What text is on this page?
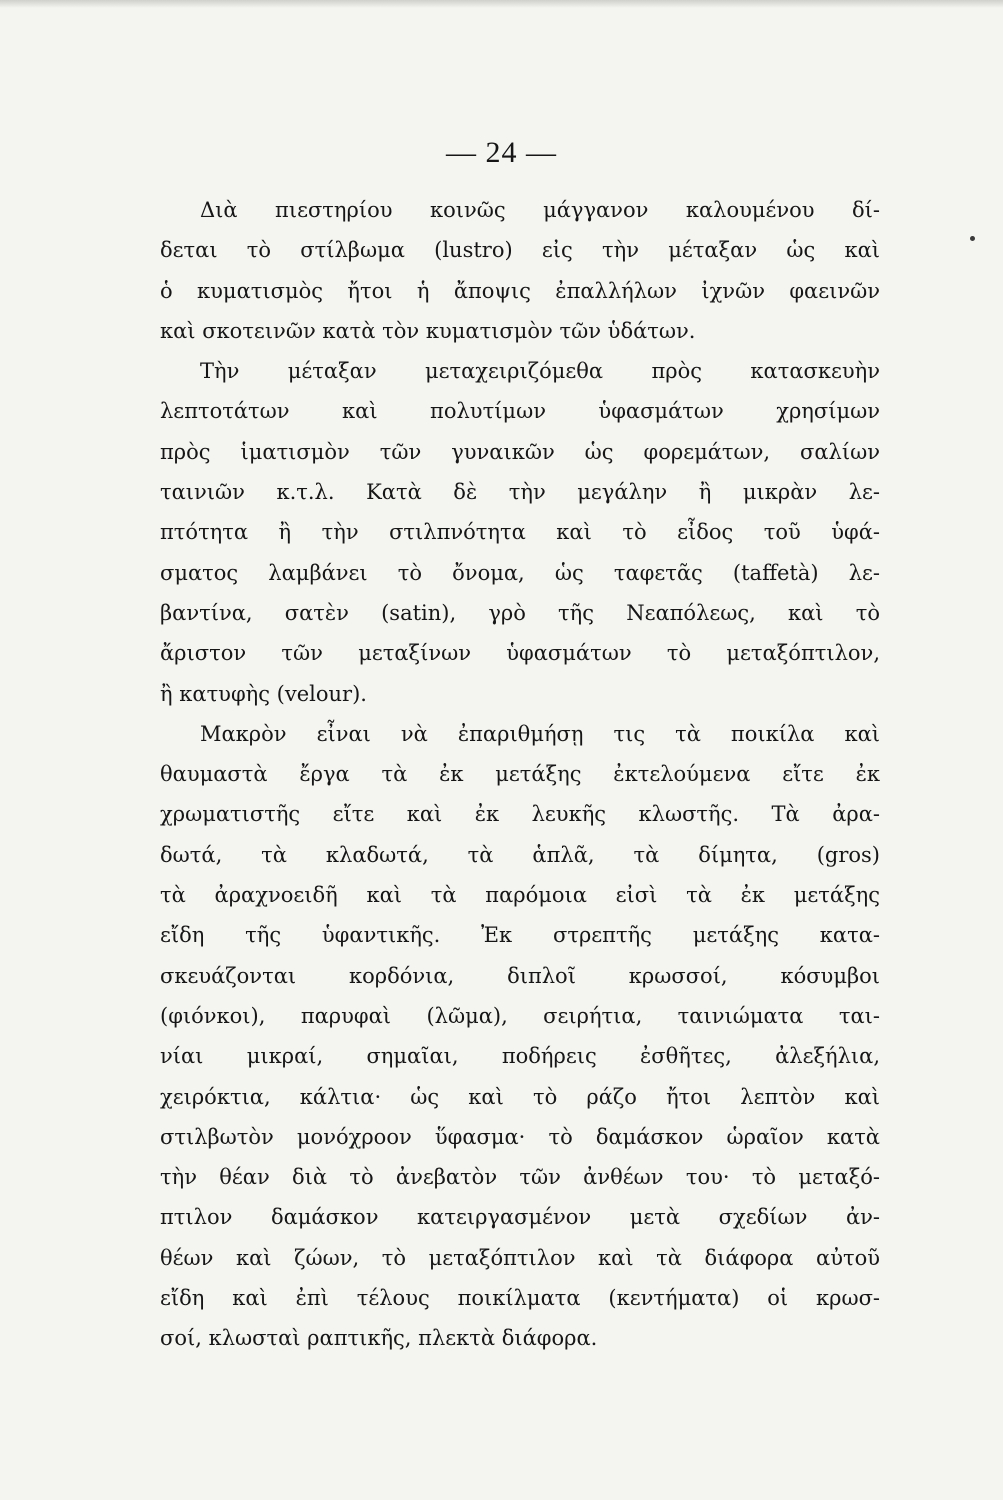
— 24 —
Διὰ πιεστηρίου κοινῶς μάγγανον καλουμένου δί-
δεται τὸ στίλβωμα (lustro) εἰς τὴν μέταξαν ὡς καὶ
ὁ κυματισμὸς ἤτοι ἡ ἄποψις ἐπαλλήλων ἰχνῶν φαεινῶν
καὶ σκοτεινῶν κατὰ τὸν κυματισμὸν τῶν ὑδάτων.
Τὴν μέταξαν μεταχειριζόμεθα πρὸς κατασκευὴν
λεπτοτάτων καὶ πολυτίμων ὑφασμάτων χρησίμων
πρὸς ἱματισμὸν τῶν γυναικῶν ὡς φορεμάτων, σαλίων
ταινιῶν κ.τ.λ. Κατὰ δὲ τὴν μεγάλην ἢ μικρὰν λε-
πτότητα ἢ τὴν στιλπνότητα καὶ τὸ εἶδος τοῦ ὑφά-
σματος λαμβάνει τὸ ὄνομα, ὡς ταφετᾶς (taffetà) λε-
βαντίνα, σατὲν (satin), γρὸ τῆς Νεαπόλεως, καὶ τὸ
ἄριστον τῶν μεταξίνων ὑφασμάτων τὸ μεταξόπτιλον,
ἢ κατυφὴς (velour).
Μακρὸν εἶναι νὰ ἐπαριθμήσῃ τις τὰ ποικίλα καὶ
θαυμαστὰ ἔργα τὰ ἐκ μετάξης ἐκτελούμενα εἴτε ἐκ
χρωματιστῆς εἴτε καὶ ἐκ λευκῆς κλωστῆς. Τὰ ἀρα-
δωτά, τὰ κλαδωτά, τὰ ἁπλᾶ, τὰ δίμητα, (gros)
τὰ ἀραχνοειδῆ καὶ τὰ παρόμοια εἰσὶ τὰ ἐκ μετάξης
εἴδη τῆς ὑφαντικῆς. Ἐκ στρεπτῆς μετάξης κατα-
σκευάζονται κορδόνια, διπλοῖ κρωσσοί, κόσυμβοι
(φιόνκοι), παρυφαὶ (λῶμα), σειρήτια, ταινιώματα ται-
νίαι μικραί, σημαῖαι, ποδήρεις ἐσθῆτες, ἀλεξήλια,
χειρόκτια, κάλτια· ὡς καὶ τὸ ράζο ἤτοι λεπτὸν καὶ
στιλβωτὸν μονόχροον ὕφασμα· τὸ δαμάσκον ὡραῖον κατὰ
τὴν θέαν διὰ τὸ ἀνεβατὸν τῶν ἀνθέων του· τὸ μεταξό-
πτιλον δαμάσκον κατειργασμένον μετὰ σχεδίων ἀν-
θέων καὶ ζώων, τὸ μεταξόπτιλον καὶ τὰ διάφορα αὐτοῦ
εἴδη καὶ ἐπὶ τέλους ποικίλματα (κεντήματα) οἱ κρωσ-
σοί, κλωσταὶ ραπτικῆς, πλεκτὰ διάφορα.
